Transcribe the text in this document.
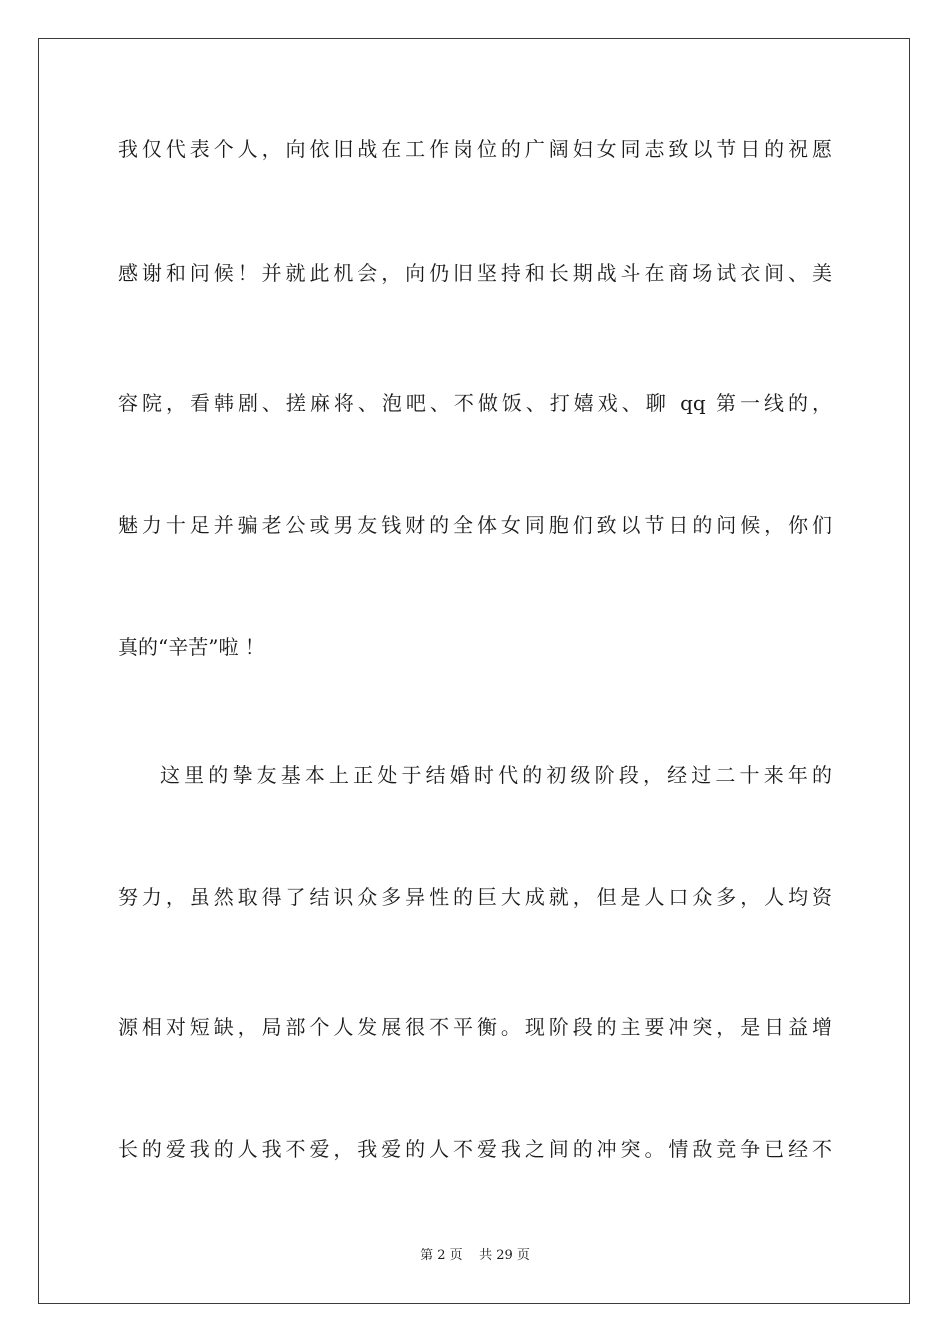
我仅代表个人，向依旧战在工作岗位的广阔妇女同志致以节日的祝愿
感谢和问候！并就此机会，向仍旧坚持和长期战斗在商场试衣间、美
容院，看韩剧、搓麻将、泡吧、不做饭、打嬉戏、聊 qq 第一线的，
魅力十足并骗老公或男友钱财的全体女同胞们致以节日的问候，你们
真的“辛苦”啦 ！
这里的挚友基本上正处于结婚时代的初级阶段，经过二十来年的
努力，虽然取得了结识众多异性的巨大成就，但是人口众多，人均资
源相对短缺，局部个人发展很不平衡。现阶段的主要冲突，是日益增
长的爱我的人我不爱，我爱的人不爱我之间的冲突。情敌竞争已经不
第 2 页    共 29 页
